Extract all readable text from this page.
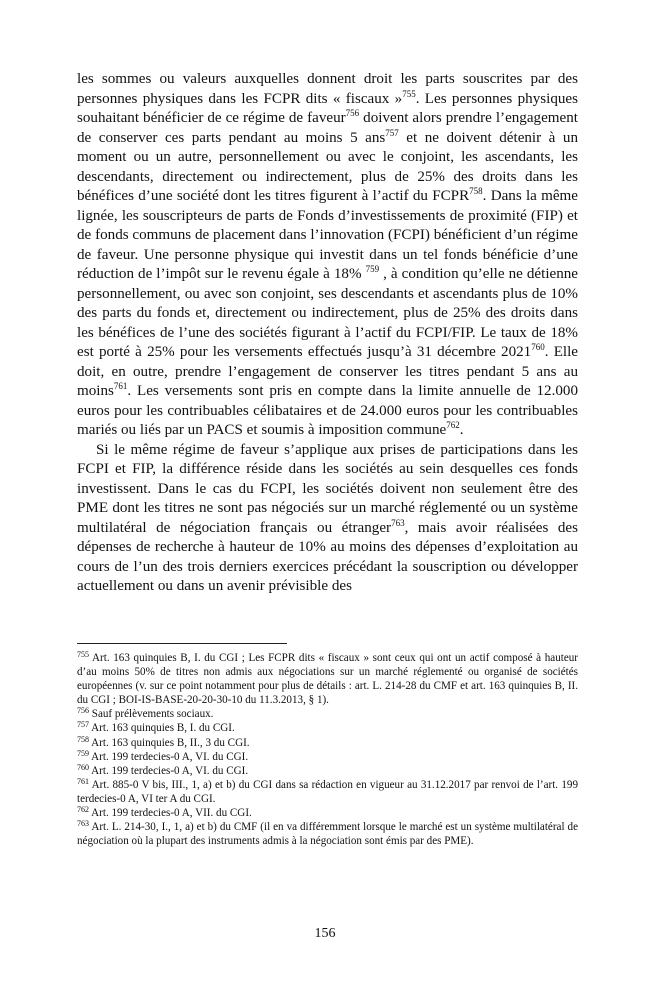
les sommes ou valeurs auxquelles donnent droit les parts souscrites par des personnes physiques dans les FCPR dits « fiscaux »$^{755}$. Les personnes physiques souhaitant bénéficier de ce régime de faveur$^{756}$ doivent alors prendre l’engagement de conserver ces parts pendant au moins 5 ans$^{757}$ et ne doivent détenir à un moment ou un autre, personnellement ou avec le conjoint, les ascendants, les descendants, directement ou indirectement, plus de 25% des droits dans les bénéfices d’une société dont les titres figurent à l’actif du FCPR$^{758}$. Dans la même lignée, les souscripteurs de parts de Fonds d’investissements de proximité (FIP) et de fonds communs de placement dans l’innovation (FCPI) bénéficient d’un régime de faveur. Une personne physique qui investit dans un tel fonds bénéficie d’une réduction de l’impôt sur le revenu égale à 18% $^{759}$ , à condition qu’elle ne détienne personnellement, ou avec son conjoint, ses descendants et ascendants plus de 10% des parts du fonds et, directement ou indirectement, plus de 25% des droits dans les bénéfices de l’une des sociétés figurant à l’actif du FCPI/FIP. Le taux de 18% est porté à 25% pour les versements effectués jusqu’à 31 décembre 2021$^{760}$. Elle doit, en outre, prendre l’engagement de conserver les titres pendant 5 ans au moins$^{761}$. Les versements sont pris en compte dans la limite annuelle de 12.000 euros pour les contribuables célibataires et de 24.000 euros pour les contribuables mariés ou liés par un PACS et soumis à imposition commune$^{762}$.

Si le même régime de faveur s’applique aux prises de participations dans les FCPI et FIP, la différence réside dans les sociétés au sein desquelles ces fonds investissent. Dans le cas du FCPI, les sociétés doivent non seulement être des PME dont les titres ne sont pas négociés sur un marché réglementé ou un système multilatéral de négociation français ou étranger$^{763}$, mais avoir réalisées des dépenses de recherche à hauteur de 10% au moins des dépenses d’exploitation au cours de l’un des trois derniers exercices précédant la souscription ou développer actuellement ou dans un avenir prévisible des

$^{755}$ Art. 163 quinquies B, I. du CGI ; Les FCPR dits « fiscaux » sont ceux qui ont un actif composé à hauteur d’au moins 50% de titres non admis aux négociations sur un marché réglementé ou organisé de sociétés européennes (v. sur ce point notamment pour plus de détails : art. L. 214-28 du CMF et art. 163 quinquies B, II. du CGI ; BOI-IS-BASE-20-20-30-10 du 11.3.2013, § 1).

$^{756}$ Sauf prélèvements sociaux.

$^{757}$ Art. 163 quinquies B, I. du CGI.

$^{758}$ Art. 163 quinquies B, II., 3 du CGI.

$^{759}$ Art. 199 terdecies-0 A, VI. du CGI.

$^{760}$ Art. 199 terdecies-0 A, VI. du CGI.

$^{761}$ Art. 885-0 V bis, III., 1, a) et b) du CGI dans sa rédaction en vigueur au 31.12.2017 par renvoi de l’art. 199 terdecies-0 A, VI ter A du CGI.

$^{762}$ Art. 199 terdecies-0 A, VII. du CGI.

$^{763}$ Art. L. 214-30, I., 1, a) et b) du CMF (il en va différemment lorsque le marché est un système multilatéral de négociation où la plupart des instruments admis à la négociation sont émis par des PME).

156
